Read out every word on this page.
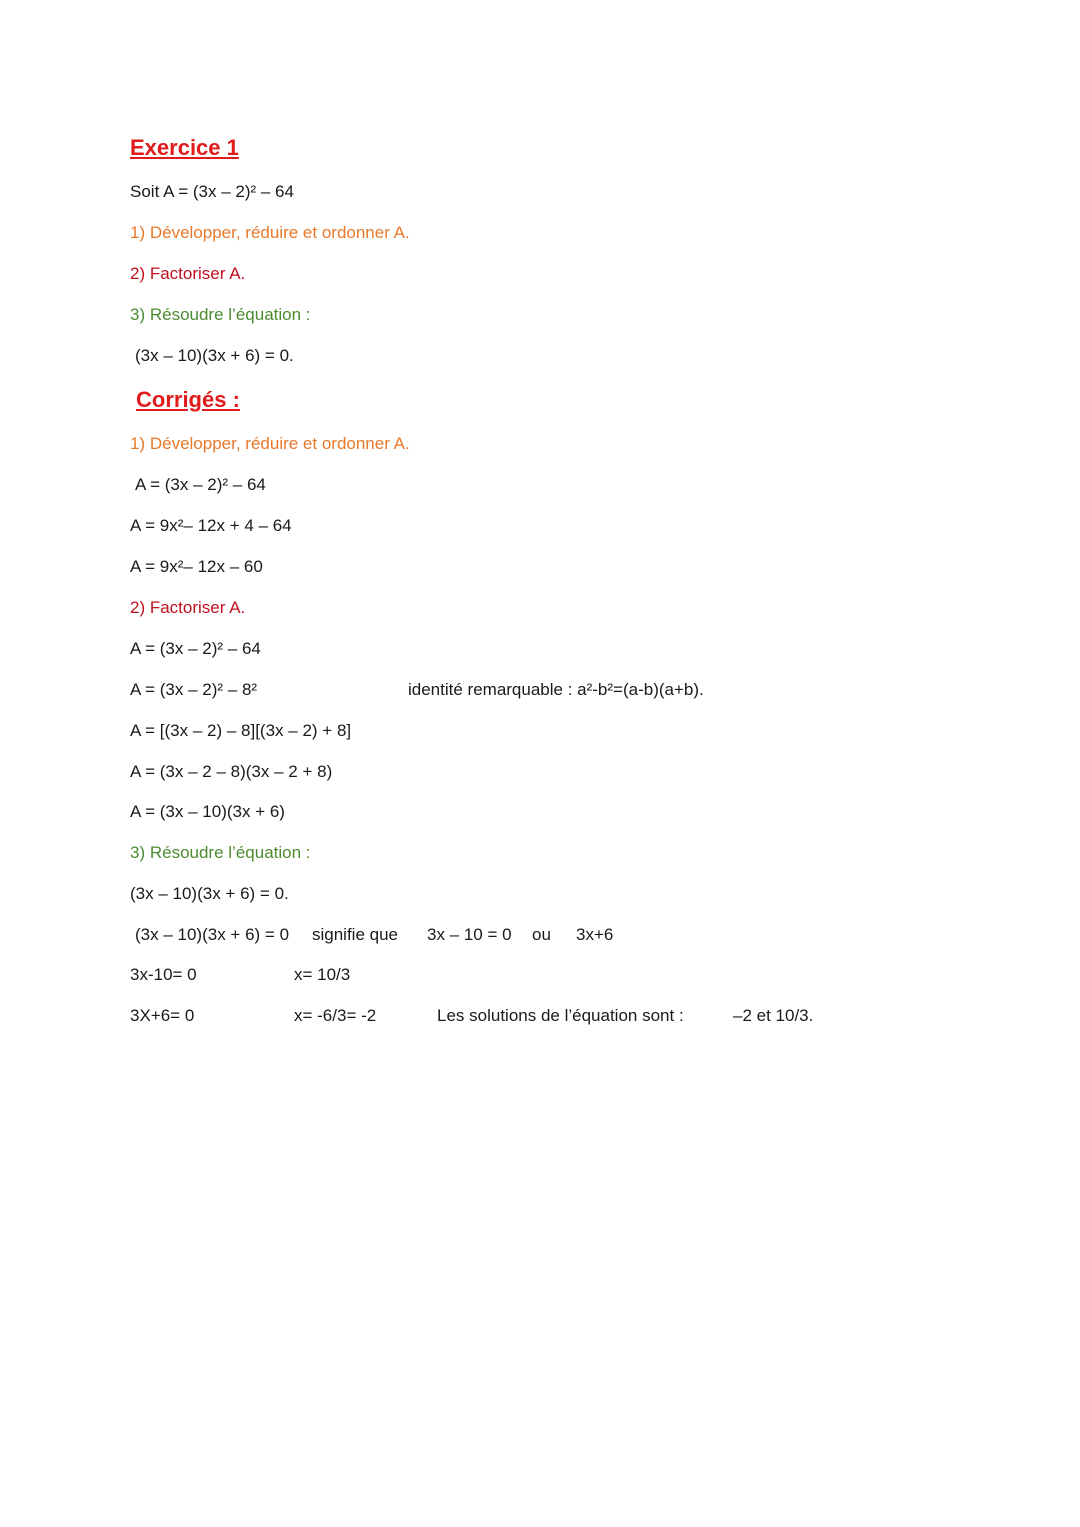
Exercice 1
Soit A = (3x – 2)² – 64
1) Développer, réduire et ordonner A.
2) Factoriser A.
3) Résoudre l’équation :
(3x – 10)(3x + 6) = 0.
Corrigés :
1) Développer, réduire et ordonner A.
A = (3x – 2)² – 64
A = 9x²– 12x + 4 – 64
A = 9x²– 12x – 60
2) Factoriser A.
A = (3x – 2)² – 64
A = (3x – 2)² – 8²	identité remarquable : a²-b²=(a-b)(a+b).
A = [(3x – 2) – 8][(3x – 2) + 8]
A = (3x – 2 – 8)(3x – 2 + 8)
A = (3x – 10)(3x + 6)
3) Résoudre l’équation :
(3x – 10)(3x + 6) = 0.
(3x – 10)(3x + 6) = 0 signifie que 3x – 10 = 0 ou 3x+6
3x-10= 0	x= 10/3
3X+6= 0	x= -6/3= -2	Les solutions de l’équation sont :	–2 et 10/3.
